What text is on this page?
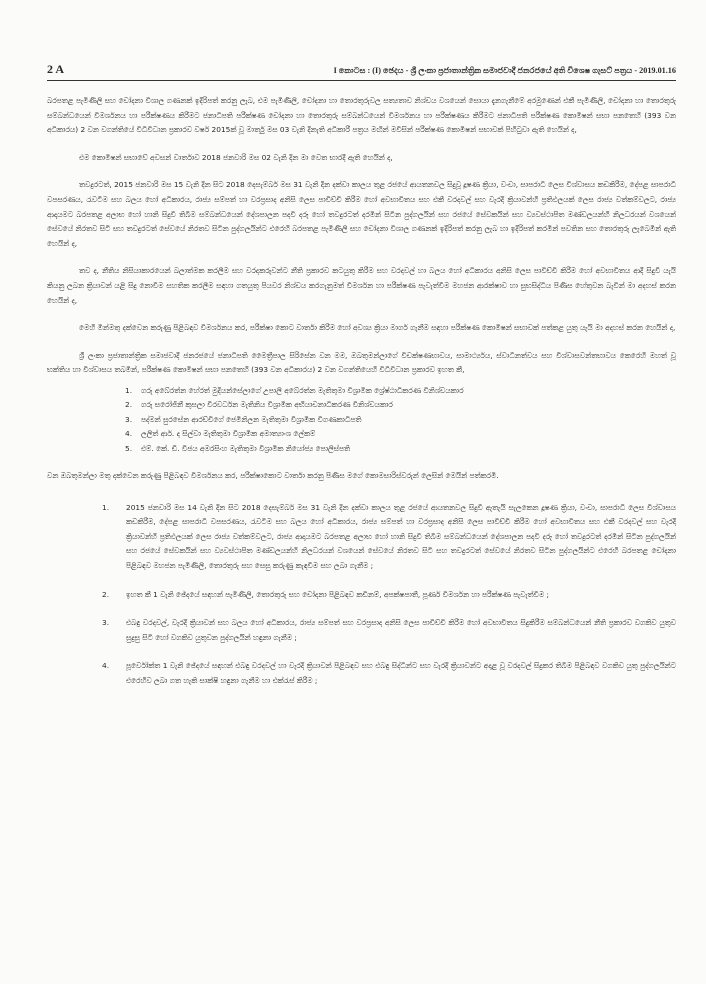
2 A	I කොටස : (I) ඡෙදය - ශ්‍රී ලංකා ප්‍රජාතාන්ත්‍රික සමාජවාදී ජනරජයේ අති විශෙෂ ගැසට් පත්‍රය - 2019.01.16

බරපතළ පැමිණිලි සහ චෝදනා විශාල ගණනක් ඉදිරිපත් කරනු ලැබ, එම පැමිණිලි, චෝදනා හා තොරතුරුවල සත්‍යතාව නිශ්චය වශයෙන් සොයා දැනගැනීමේ අරමුණෙන් එකී පැමිණිලි, චෝදනා හා තොරතුරු සම්බන්ධයෙන් විමර්ශනය හා පරීක්ෂණය කිරීමට ජනාධිපති පරීක්ෂණ චෝදනා හා තොරතුරු සම්බන්ධයෙන් විමර්ශනය හා පරීක්ෂණය කිරීමට ජනාධිපති පරීක්ෂණ කොමිෂන් සභා පනතෙහි (393 වන අධිකාරය) 2 වන වගන්තියේ විධිවිධාන ප්‍රකාරව වර්ෂ 2015ක් වූ මාර්තු මස 03 වැනි දිනැති අධිකාරී පත්‍රය මඟින් මවිසින් පරීක්ෂණ කොමිෂන් සභාවක් පිහිටුවා ඇති හෙයින් ද,

එම කොමිෂන් සභාවේ අවසන් වාර්තාව 2018 ජනවාරි මස 02 වැනි දින මා වෙත භාරදී ඇති හෙයින් ද,

තවදුරටත්, 2015 ජනවාරි මස 15 වැනි දින සිට 2018 දෙසැම්බර් මස 31 වැනි දින දක්වා කාලය තුළ රජයේ ආයතනවල සිදුවූ දූෂණ ක්‍රියා, වංචා, සාපරාධී ලෙස විශ්වාසය කඩකිරීම, දේපළ සාපරාධී වපසරණය, රැවටීම සහ බලය හෝ අධිකාරය, රාජ්‍ය සම්පත් හා වරප්‍රසාද අනිසි ලෙස පාවිච්චි කිරීම හෝ අවභාවිතය සහ එකී වරදවල් සහ වැරදි ක්‍රියාවන්හි ප්‍රතිඵලයක් ලෙස රාජ්‍ය වත්කම්වලට, රාජ්‍ය ආදායමට බරපතළ අලාභ හෝ හානි සිදුවී තිබීම සම්බන්ධයෙන් දේශපාලන පදවි දරූ හෝ තවදුරටත් දරමින් සිටින පුද්ගලයින් සහ රජයේ සේවකයින් සහ ව්‍යවස්ථාපිත මණ්ඩලයන්හි නිලධරයන් වශයෙන් සේවයේ නිරතව සිටි සහ තවදුරටත් සේවයේ නිරතව සිටින පුද්ගලයින්ට එරෙහි බරපතළ පැමිණිලි සහ චෝදනා විශාල ගණනක් ඉදිරිපත් කරනු ලැබ හා ඉදිරිපත් කරමින් පවතින සහ තොරතුරු ලැබෙමින් ඇති හෙයින් ද,

තව ද, නීතිය නිසියාකාරයෙන් බලාත්මක කරලීම සහ වරදකරුවන්ට නීති ප්‍රකාරව කටයුතු කිරීම සහ වරදවල් හා බලය හෝ අධිකාරය අනිසි ලෙස පාවිච්චි කිරීම හෝ අවභාවිතය ආදී සිදුවී යැයි කියනු ලබන ක්‍රියාවන් යළි සිදු නොවීම සහතික කරලීම සඳහා ගතයුතු පියවර නිශ්චය කරගැනුමත් විමර්ශන හා පරීක්ෂණ පැවැත්වීම මහජන ආරක්ෂාව හා සුභසිද්ධිය පිණිස හේතුවන බැවින් මා අදහස් කරන හෙයින් ද,

මෙහි මින්මතු දක්වෙන කරුණු පිළිබඳව විමර්ශනය කර, පරීක්ෂා කොට වාර්තා කිරීම හෝ අවශ්‍ය ක්‍රියා මාර්ග ගැනීම සඳහා පරීක්ෂණ කොමිෂන් සභාවක් පත්කළ යුතු යැයි මා අදහස් කරන හෙයින් ද,

ශ්‍රී ලංකා ප්‍රජාතාන්ත්‍රික සමාජවාදී ජනරජයේ ජනාධිපති මෛත්‍රීපාල සිරිසේන වන මම, ඔබතුමන්ලාගේ විචක්ෂණභාවය, සාමාර්ථ්‍යය, ස්වාධීනත්වය සහ විශ්වාසවන්තභාවය කෙරෙහි මහත් වූ භක්තිය හා විශ්වාසය තබමින්, පරීක්ෂණ කොමිෂන් සභා පනතෙහි (393 වන අධිකාරය) 2 වන වගන්තියෙහි විධිවිධාන ප්‍රකාරව ඉහත කී,

1.	ගරු අබේරත්න හේරත් මුදියන්සේලාගේ උපාලි අබේරත්න මැතිතුමා විශ්‍රාමික ශ්‍රේෂ්ඨාධිකරණ විනිශ්චයකාර
2.	ගරු සරෝජිනී කුසලා වීරවර්ධන මැතිනිය විශ්‍රාමික අභියාචනාධිකරණ විනිශ්චයකාර
3.	පද්මන් සුරසේන ආරච්චිගේ ජෙමිනිලන මැතිතුමා විශ්‍රාමික විගණකාධිපති
4.	ලලිත් ආර්. ද සිල්වා මැතිතුමා විශ්‍රාමික අමාත්‍යාංශ ලේකම්
5.	එම්. කේ. ඩී. විජය අමරසිංහ මැතිතුමා විශ්‍රාමික නියෝජ්‍ය පොලිස්පති

වන ඔබතුමන්ලා මතු දක්වෙන කරුණු පිළිබඳව විමර්ශනය කර, පරීක්ෂාකොට වාර්තා කරනු පිණිස මගේ කොමසාරිස්වරුන් ලෙසින් මෙයින් පත්කරමි.

1.	2015 ජනවාරි මස 14 වැනි දින සිට 2018 දෙසැම්බර් මස 31 වැනි දින දක්වා කාලය තුළ රජයේ ආයතනවල සිදුවී ඇතැයි සැලකෙන දූෂණ ක්‍රියා, වංචා, සාපරාධී ලෙස විශ්වාසය කඩකිරීම, දේපළ සාපරාධී වපසරණය, රැවටීම සහ බලය හෝ අධිකාරය, රාජ්‍ය සම්පත් හා වරප්‍රසාද අනිසි ලෙස පාවිච්චි කිරීම හෝ අවභාවිතය සහ එකී වරදවල් සහ වැරදි ක්‍රියාවන්හි ප්‍රතිඵලයක් ලෙස රාජ්‍ය වත්කම්වලට, රාජ්‍ය ආදායමට බරපතළ අලාභ හෝ හානි සිදුවී තිබීම සම්බන්ධයෙන් දේශපාලන පදවි දරූ හෝ තවදුරටත් දරමින් සිටින පුද්ගලයින් සහ රජයේ සේවකයින් සහ ව්‍යවස්ථාපිත මණ්ඩලයන්හි නිලධරයන් වශයෙන් සේවයේ නිරතව සිටි සහ තවදුරටත් සේවයේ නිරතව සිටින පුද්ගලයින්ට එරෙහි බරපතළ චෝදනා පිළිබඳව මහජන පැමිණිලි, තොරතුරු සහ සෙසු කරුණු කැඳවීම සහ ලබා ගැනීම ;
2.	ඉහත කී 1 වැනි ඡේදයේ සඳහන් පැමිණිලි, තොරතුරු සහ චෝදනා පිළිබඳව කඩිනම්, අපක්ෂපාතී, පූර්ණ විමර්ශන හා පරීක්ෂණ පැවැත්වීම ;
3.	එබඳු වරදවල්, වැරදි ක්‍රියාවන් සහ බලය හෝ අධිකාරය, රාජ්‍ය සම්පත් සහ වරප්‍රසාද අනිසි ලෙස පාවිච්චි කිරීම හෝ අවභාවිතය සිදුකිරීම සම්බන්ධයෙන් නීති ප්‍රකාරව වගකිව යුතුව සුදුසු සිටි හෝ වගකිව යුතුවන පුද්ගලයින් හඳුනා ගැනීම ;
4.	පූර්වෝක්ත 1 වැනි ඡේදයේ සඳහන් එබඳු වරදවල් හා වැරදි ක්‍රියාවන් පිළිබඳව සහ එබඳු සිද්ධීන්ට සහ වැරදි ක්‍රියාවන්ට අදාළ වූ වරදවල් සිදුකර තිබීම පිළිබඳව වගකිව යුතු පුද්ගලයින්ට එරෙහිව ලබා ගත හැකි සාක්ෂි හඳුනා ගැනීම හා එක්රැස් කිරීම ;
